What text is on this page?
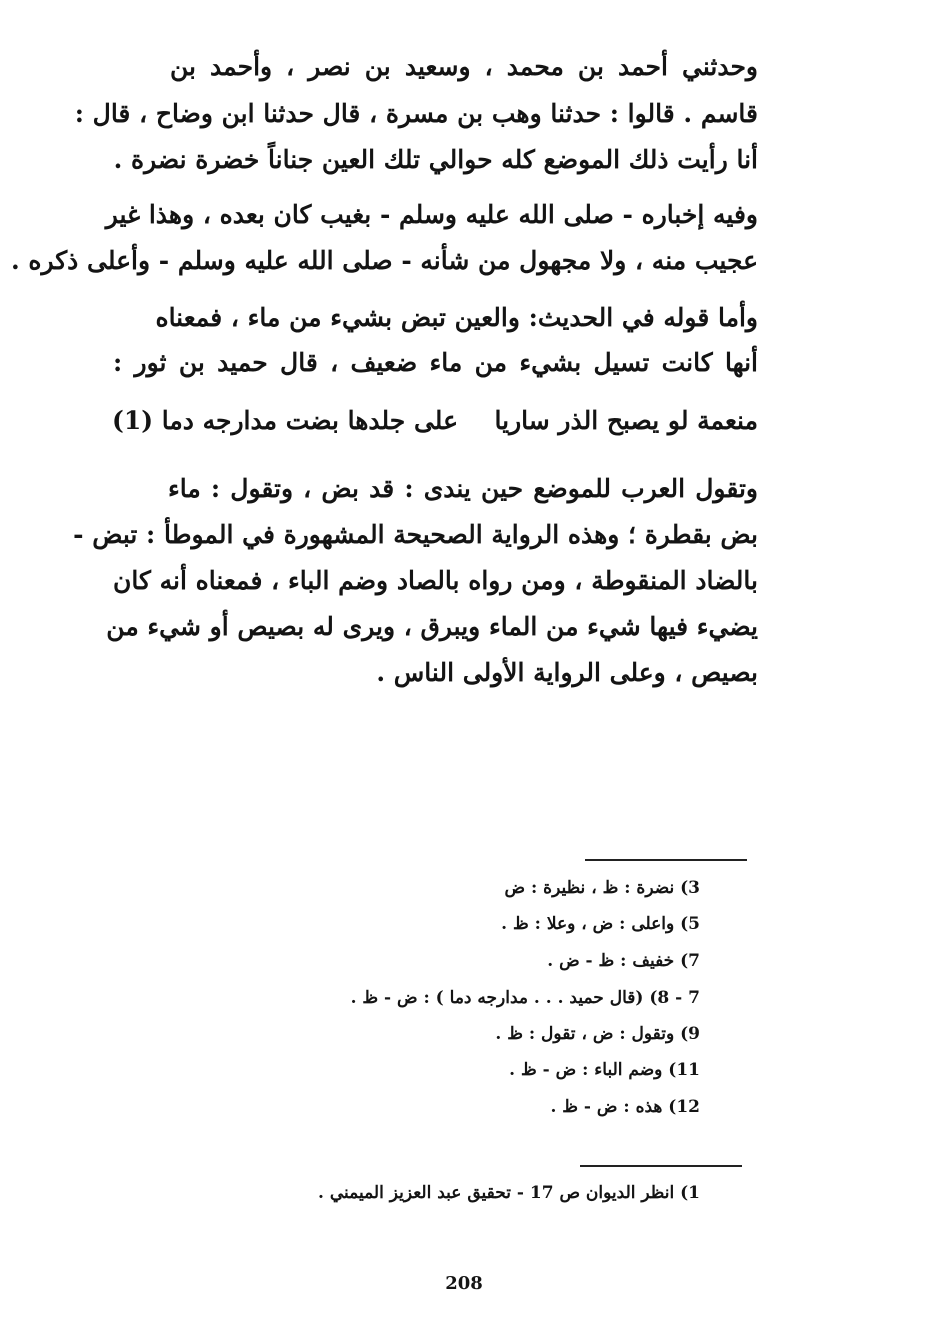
وحدثني أحمد بن محمد ، وسعيد بن نصر ، وأحمد بن
قاسم . قالوا : حدثنا وهب بن مسرة ، قال حدثنا ابن وضاح ، قال :
أنا رأيت ذلك الموضع كله حوالي تلك العين جناناً خضرة نضرة .
وفيه إخباره - صلى الله عليه وسلم - بغيب كان بعده ، وهذا غير
عجيب منه ، ولا مجهول من شأنه - صلى الله عليه وسلم - وأعلى ذكره .
وأما قوله في الحديث: والعين تبض بشيء من ماء ، فمعناه
أنها كانت تسيل بشيء من ماء ضعيف ، قال حميد بن ثور :
منعمة لو يصبح الذر ساريا
على جلدها بضت مدارجه دما (1)
وتقول العرب للموضع حين يندى : قد بض ، وتقول : ماء
بض بقطرة ؛ وهذه الرواية الصحيحة المشهورة في الموطأ : تبض -
بالضاد المنقوطة ، ومن رواه بالصاد وضم الباء ، فمعناه أنه كان
يضيء فيها شيء من الماء ويبرق ، ويرى له بصيص أو شيء من
بصيص ، وعلى الرواية الأولى الناس .
3) نضرة : ظ ، نظيرة : ض
5) واعلى : ض ، وعلا : ظ .
7) خفيف : ظ - ض .
7 - 8) (قال حميد . . . مدارجه دما ) : ض - ظ .
9) وتقول : ض ، تقول : ظ .
11) وضم الباء : ض - ظ .
12) هذه : ض - ظ .
1) انظر الديوان ص 17 - تحقيق عبد العزيز الميمني .
208
